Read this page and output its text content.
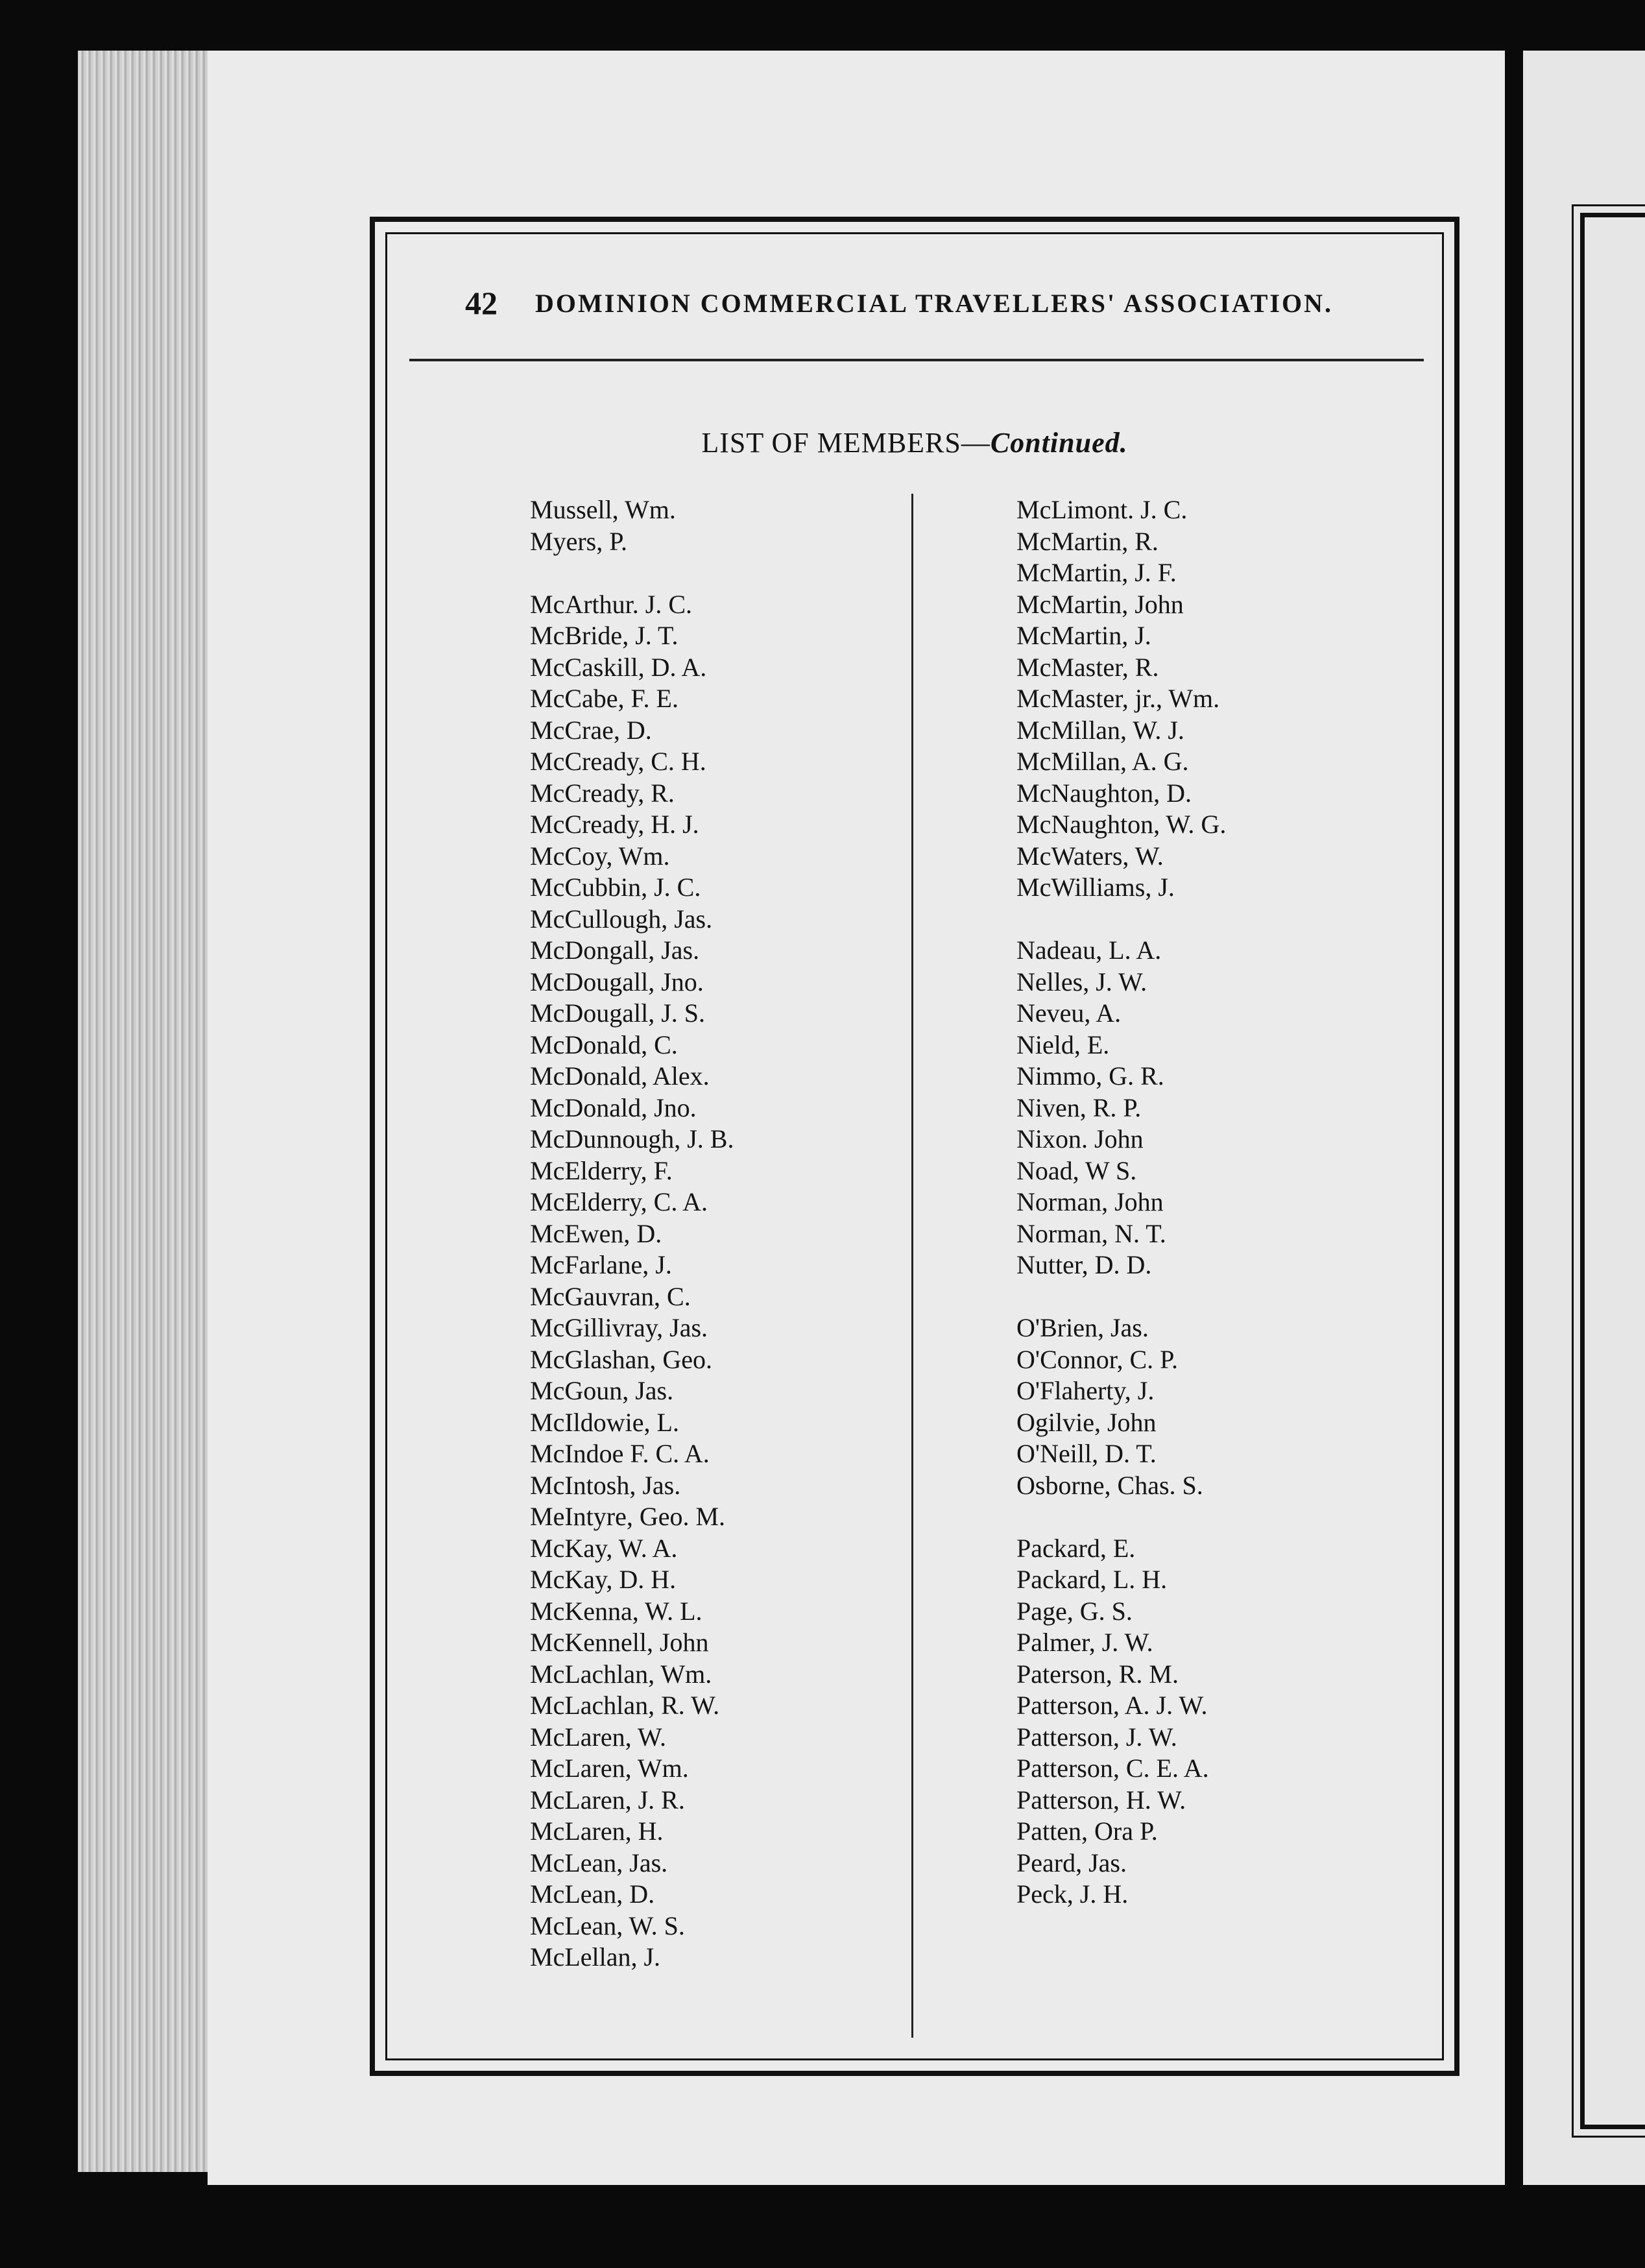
42 DOMINION COMMERCIAL TRAVELLERS' ASSOCIATION.
LIST OF MEMBERS—Continued.
Mussell, Wm.
Myers, P.
McArthur. J. C.
McBride, J. T.
McCaskill, D. A.
McCabe, F. E.
McCrae, D.
McCready, C. H.
McCready, R.
McCready, H. J.
McCoy, Wm.
McCubbin, J. C.
McCullough, Jas.
McDongall, Jas.
McDougall, Jno.
McDougall, J. S.
McDonald, C.
McDonald, Alex.
McDonald, Jno.
McDunnough, J. B.
McElderry, F.
McElderry, C. A.
McEwen, D.
McFarlane, J.
McGauvran, C.
McGillivray, Jas.
McGlashan, Geo.
McGoun, Jas.
McIldowie, L.
McIndoe F. C. A.
McIntosh, Jas.
MeIntyre, Geo. M.
McKay, W. A.
McKay, D. H.
McKenna, W. L.
McKennell, John
McLachlan, Wm.
McLachlan, R. W.
McLaren, W.
McLaren, Wm.
McLaren, J. R.
McLaren, H.
McLean, Jas.
McLean, D.
McLean, W. S.
McLellan, J.
McLimont. J. C.
McMartin, R.
McMartin, J. F.
McMartin, John
McMartin, J.
McMaster, R.
McMaster, jr., Wm.
McMillan, W. J.
McMillan, A. G.
McNaughton, D.
McNaughton, W. G.
McWaters, W.
McWilliams, J.
Nadeau, L. A.
Nelles, J. W.
Neveu, A.
Nield, E.
Nimmo, G. R.
Niven, R. P.
Nixon. John
Noad, W S.
Norman, John
Norman, N. T.
Nutter, D. D.
O'Brien, Jas.
O'Connor, C. P.
O'Flaherty, J.
Ogilvie, John
O'Neill, D. T.
Osborne, Chas. S.
Packard, E.
Packard, L. H.
Page, G. S.
Palmer, J. W.
Paterson, R. M.
Patterson, A. J. W.
Patterson, J. W.
Patterson, C. E. A.
Patterson, H. W.
Patten, Ora P.
Peard, Jas.
Peck, J. H.
